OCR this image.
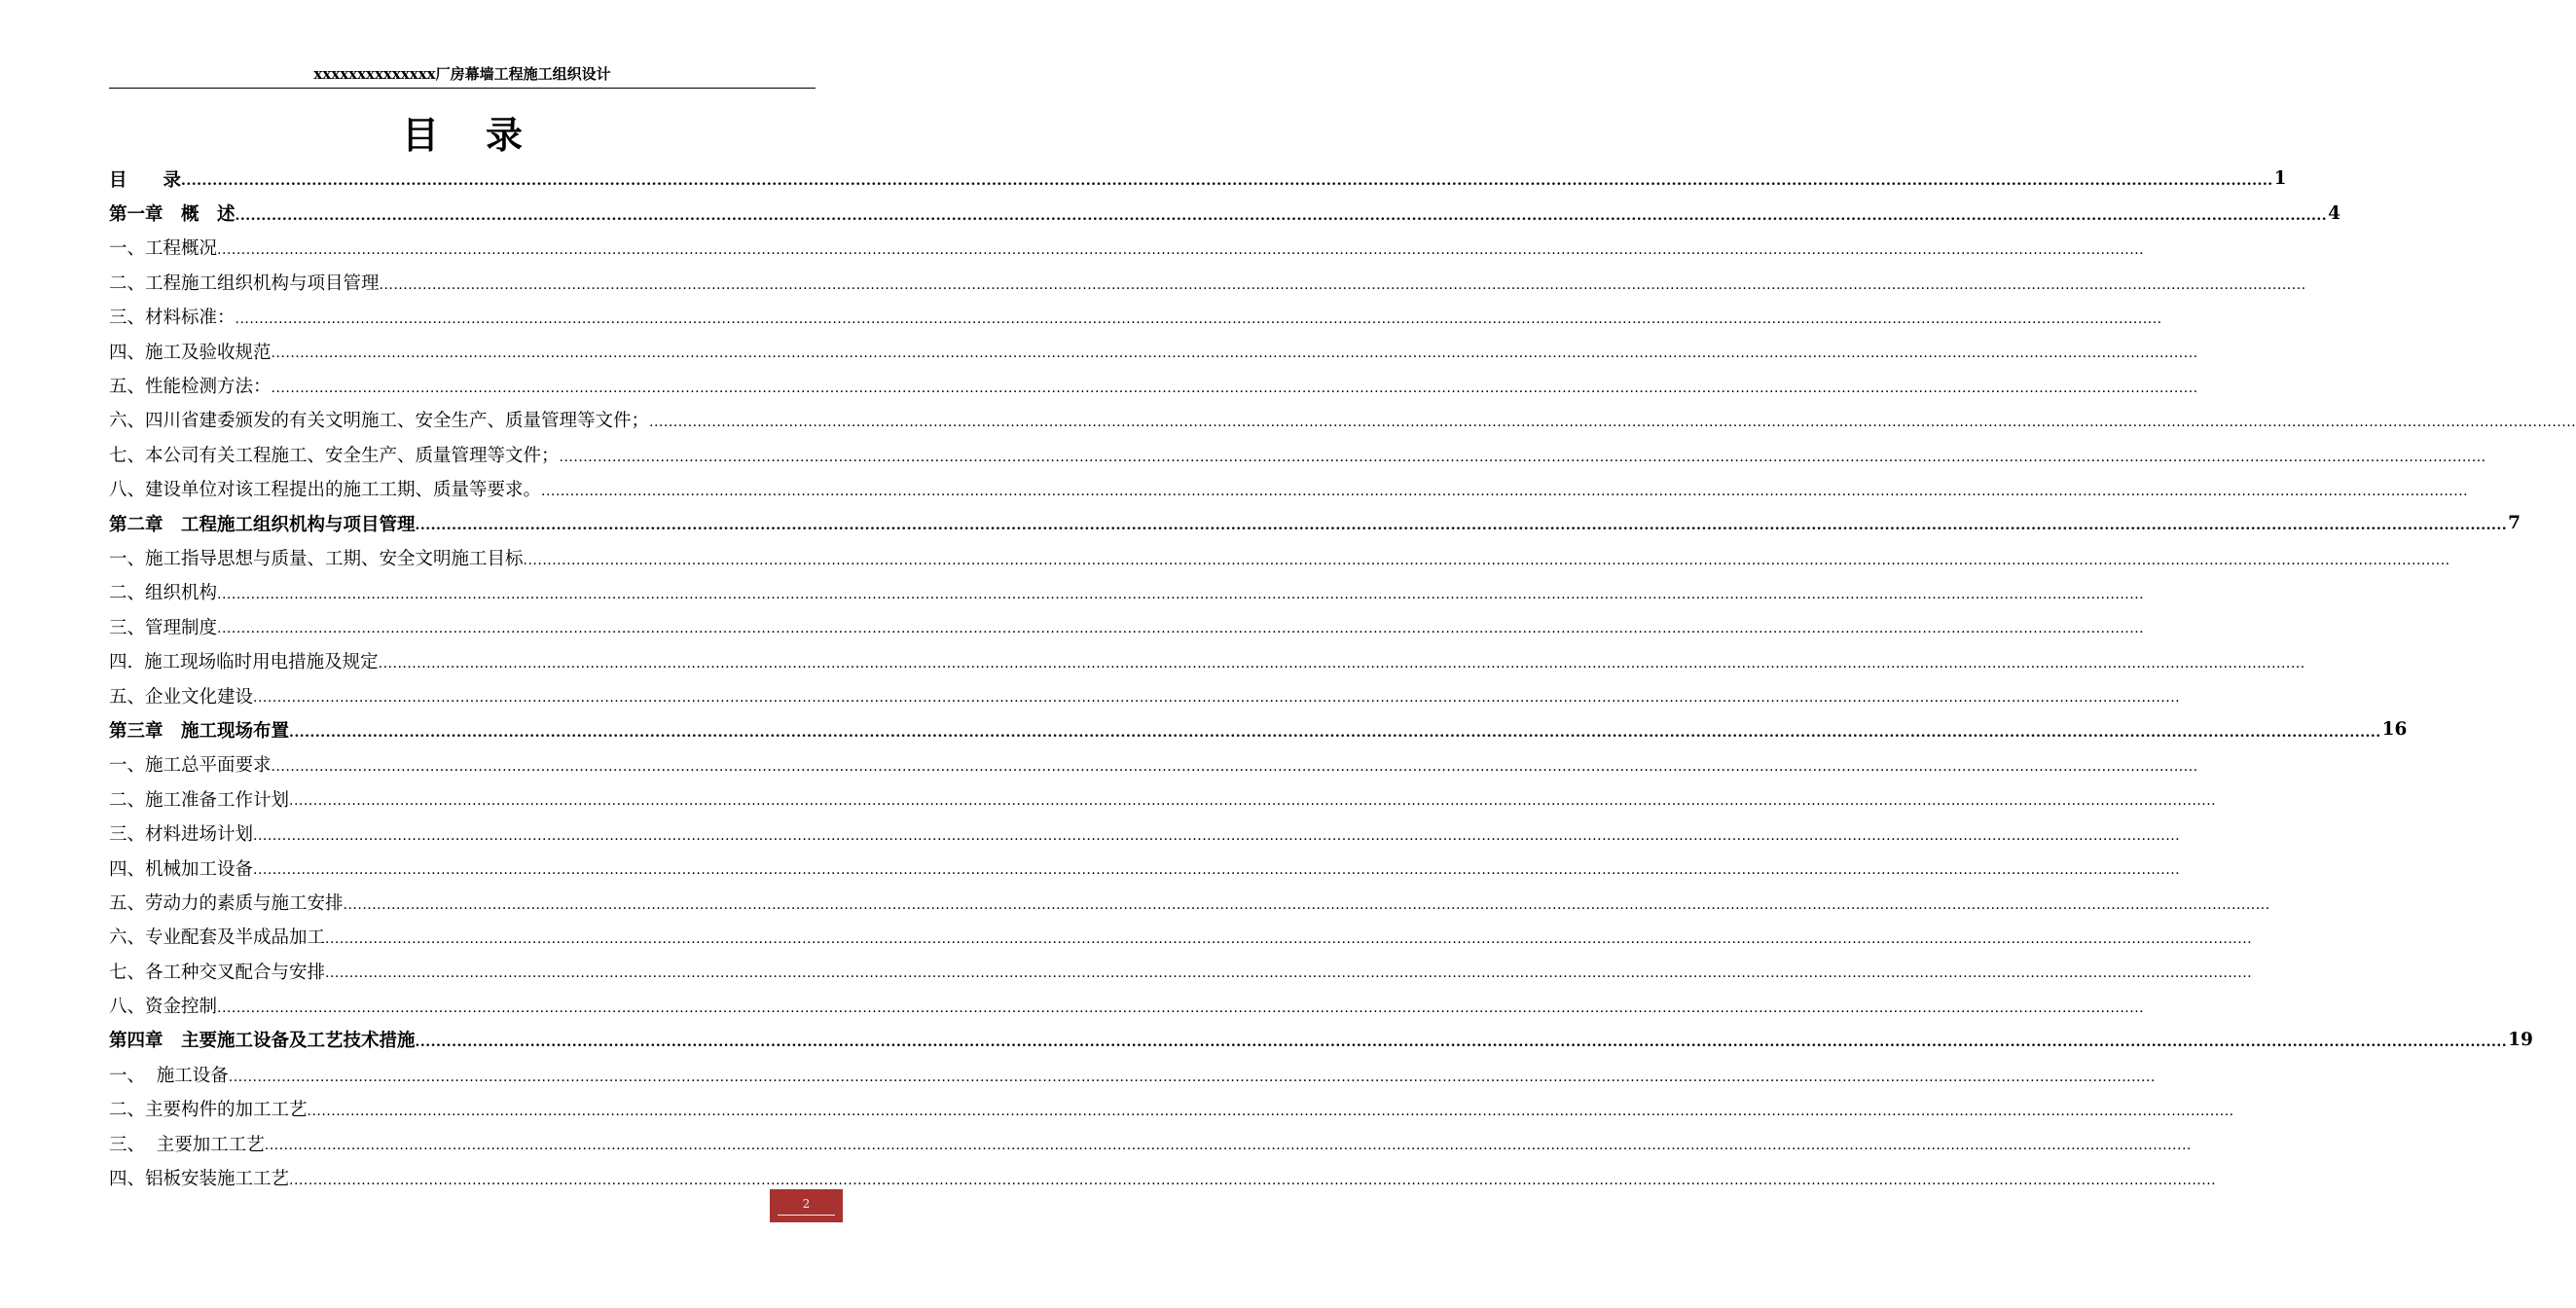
xxxxxxxxxxxxxx厂房幕墙工程施工组织设计
目录
目　　录 ................................................................................................................................................................................................................................................................................................................................................................................................................ 1
第一章　概　述 ................................................................................................................................................................................................................................................................................................................................................................................................................ 4
一、工程概况 ................................................................................................................................................................................................................................................................................................................................................................................................................
二、工程施工组织机构与项目管理 ................................................................................................................................................................................................................................................................................................................................................................................................................
三、材料标准： ................................................................................................................................................................................................................................................................................................................................................................................................................
四、施工及验收规范 ................................................................................................................................................................................................................................................................................................................................................................................................................
五、性能检测方法： ................................................................................................................................................................................................................................................................................................................................................................................................................
六、四川省建委颁发的有关文明施工、安全生产、质量管理等文件； ................................................................................................................................................................................................................................................................................................................................................................................................................
七、本公司有关工程施工、安全生产、质量管理等文件； ................................................................................................................................................................................................................................................................................................................................................................................................................
八、建设单位对该工程提出的施工工期、质量等要求。 ................................................................................................................................................................................................................................................................................................................................................................................................................
第二章　工程施工组织机构与项目管理 ................................................................................................................................................................................................................................................................................................................................................................................................................ 7
一、施工指导思想与质量、工期、安全文明施工目标 ................................................................................................................................................................................................................................................................................................................................................................................................................
二、组织机构 ................................................................................................................................................................................................................................................................................................................................................................................................................
三、管理制度 ................................................................................................................................................................................................................................................................................................................................................................................................................
四.  施工现场临时用电措施及规定 ................................................................................................................................................................................................................................................................................................................................................................................................................
五、企业文化建设 ................................................................................................................................................................................................................................................................................................................................................................................................................
第三章　施工现场布置 ................................................................................................................................................................................................................................................................................................................................................................................................................ 16
一、施工总平面要求 ................................................................................................................................................................................................................................................................................................................................................................................................................
二、施工准备工作计划 ................................................................................................................................................................................................................................................................................................................................................................................................................
三、材料进场计划 ................................................................................................................................................................................................................................................................................................................................................................................................................
四、机械加工设备 ................................................................................................................................................................................................................................................................................................................................................................................................................
五、劳动力的素质与施工安排 ................................................................................................................................................................................................................................................................................................................................................................................................................
六、专业配套及半成品加工 ................................................................................................................................................................................................................................................................................................................................................................................................................
七、各工种交叉配合与安排 ................................................................................................................................................................................................................................................................................................................................................................................................................
八、资金控制 ................................................................................................................................................................................................................................................................................................................................................................................................................
第四章　主要施工设备及工艺技术措施 ................................................................................................................................................................................................................................................................................................................................................................................................................ 19
一、  施工设备 ................................................................................................................................................................................................................................................................................................................................................................................................................
二、主要构件的加工工艺 ................................................................................................................................................................................................................................................................................................................................................................................................................
三、  主要加工工艺 ................................................................................................................................................................................................................................................................................................................................................................................................................
四、铝板安装施工工艺 ................................................................................................................................................................................................................................................................................................................................................................................................................
2
